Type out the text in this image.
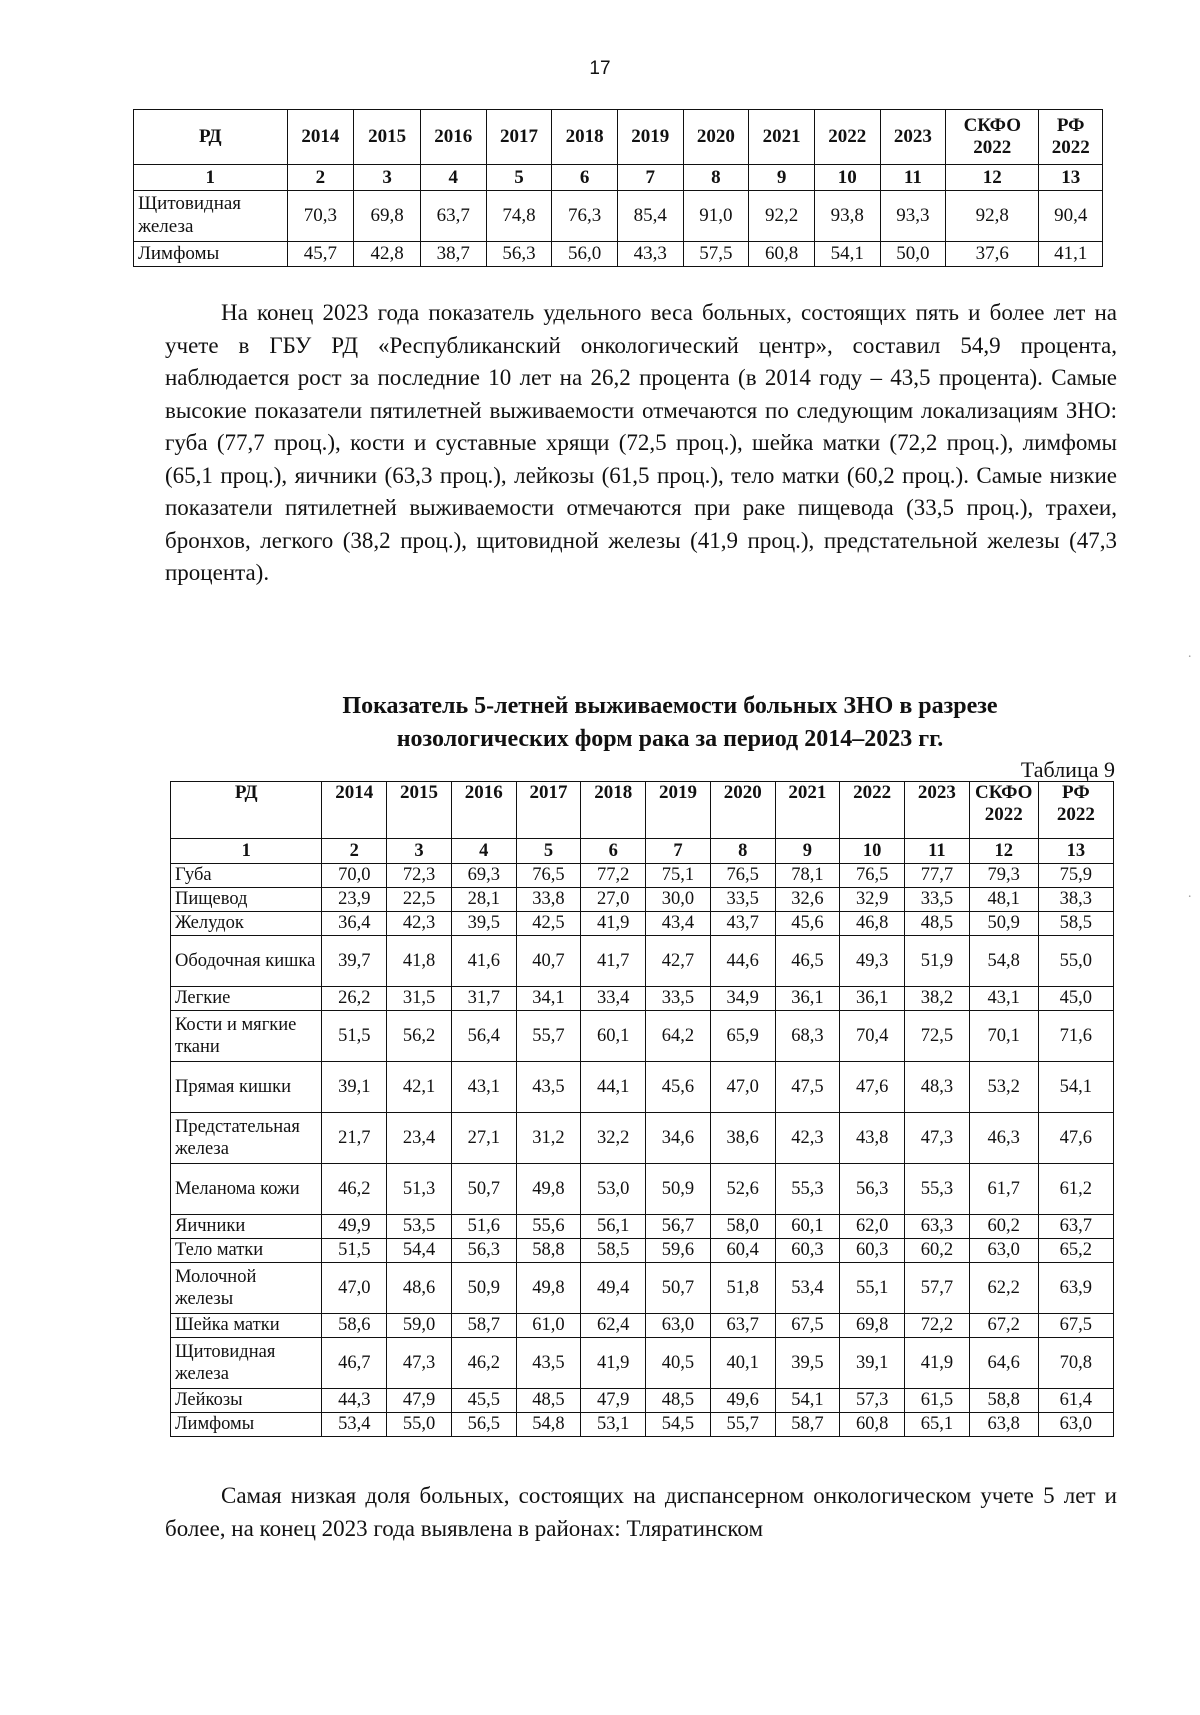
17
РД	2014	2015	2016	2017	2018	2019	2020	2021	2022	2023	СКФО 2022	РФ 2022
1	2	3	4	5	6	7	8	9	10	11	12	13
Щитовидная железа	70,3	69,8	63,7	74,8	76,3	85,4	91,0	92,2	93,8	93,3	92,8	90,4
Лимфомы	45,7	42,8	38,7	56,3	56,0	43,3	57,5	60,8	54,1	50,0	37,6	41,1

На конец 2023 года показатель удельного веса больных, состоящих пять и более лет на учете в ГБУ РД «Республиканский онкологический центр», составил 54,9 процента, наблюдается рост за последние 10 лет на 26,2 процента (в 2014 году – 43,5 процента). Самые высокие показатели пятилетней выживаемости отмечаются по следующим локализациям ЗНО: губа (77,7 проц.), кости и суставные хрящи (72,5 проц.), шейка матки (72,2 проц.), лимфомы (65,1 проц.), яичники (63,3 проц.), лейкозы (61,5 проц.), тело матки (60,2 проц.). Самые низкие показатели пятилетней выживаемости отмечаются при раке пищевода (33,5 проц.), трахеи, бронхов, легкого (38,2 проц.), щитовидной железы (41,9 проц.), предстательной железы (47,3 процента).

Показатель 5-летней выживаемости больных ЗНО в разрезе
нозологических форм рака за период 2014–2023 гг.
Таблица 9
РД	2014	2015	2016	2017	2018	2019	2020	2021	2022	2023	СКФО 2022	РФ 2022
1	2	3	4	5	6	7	8	9	10	11	12	13
Губа	70,0	72,3	69,3	76,5	77,2	75,1	76,5	78,1	76,5	77,7	79,3	75,9
Пищевод	23,9	22,5	28,1	33,8	27,0	30,0	33,5	32,6	32,9	33,5	48,1	38,3
Желудок	36,4	42,3	39,5	42,5	41,9	43,4	43,7	45,6	46,8	48,5	50,9	58,5
Ободочная кишка	39,7	41,8	41,6	40,7	41,7	42,7	44,6	46,5	49,3	51,9	54,8	55,0
Легкие	26,2	31,5	31,7	34,1	33,4	33,5	34,9	36,1	36,1	38,2	43,1	45,0
Кости и мягкие ткани	51,5	56,2	56,4	55,7	60,1	64,2	65,9	68,3	70,4	72,5	70,1	71,6
Прямая кишки	39,1	42,1	43,1	43,5	44,1	45,6	47,0	47,5	47,6	48,3	53,2	54,1
Предстательная железа	21,7	23,4	27,1	31,2	32,2	34,6	38,6	42,3	43,8	47,3	46,3	47,6
Меланома кожи	46,2	51,3	50,7	49,8	53,0	50,9	52,6	55,3	56,3	55,3	61,7	61,2
Яичники	49,9	53,5	51,6	55,6	56,1	56,7	58,0	60,1	62,0	63,3	60,2	63,7
Тело матки	51,5	54,4	56,3	58,8	58,5	59,6	60,4	60,3	60,3	60,2	63,0	65,2
Молочной железы	47,0	48,6	50,9	49,8	49,4	50,7	51,8	53,4	55,1	57,7	62,2	63,9
Шейка матки	58,6	59,0	58,7	61,0	62,4	63,0	63,7	67,5	69,8	72,2	67,2	67,5
Щитовидная железа	46,7	47,3	46,2	43,5	41,9	40,5	40,1	39,5	39,1	41,9	64,6	70,8
Лейкозы	44,3	47,9	45,5	48,5	47,9	48,5	49,6	54,1	57,3	61,5	58,8	61,4
Лимфомы	53,4	55,0	56,5	54,8	53,1	54,5	55,7	58,7	60,8	65,1	63,8	63,0

Самая низкая доля больных, состоящих на диспансерном онкологическом учете 5 лет и более, на конец 2023 года выявлена в районах: Тляратинском

·
·
